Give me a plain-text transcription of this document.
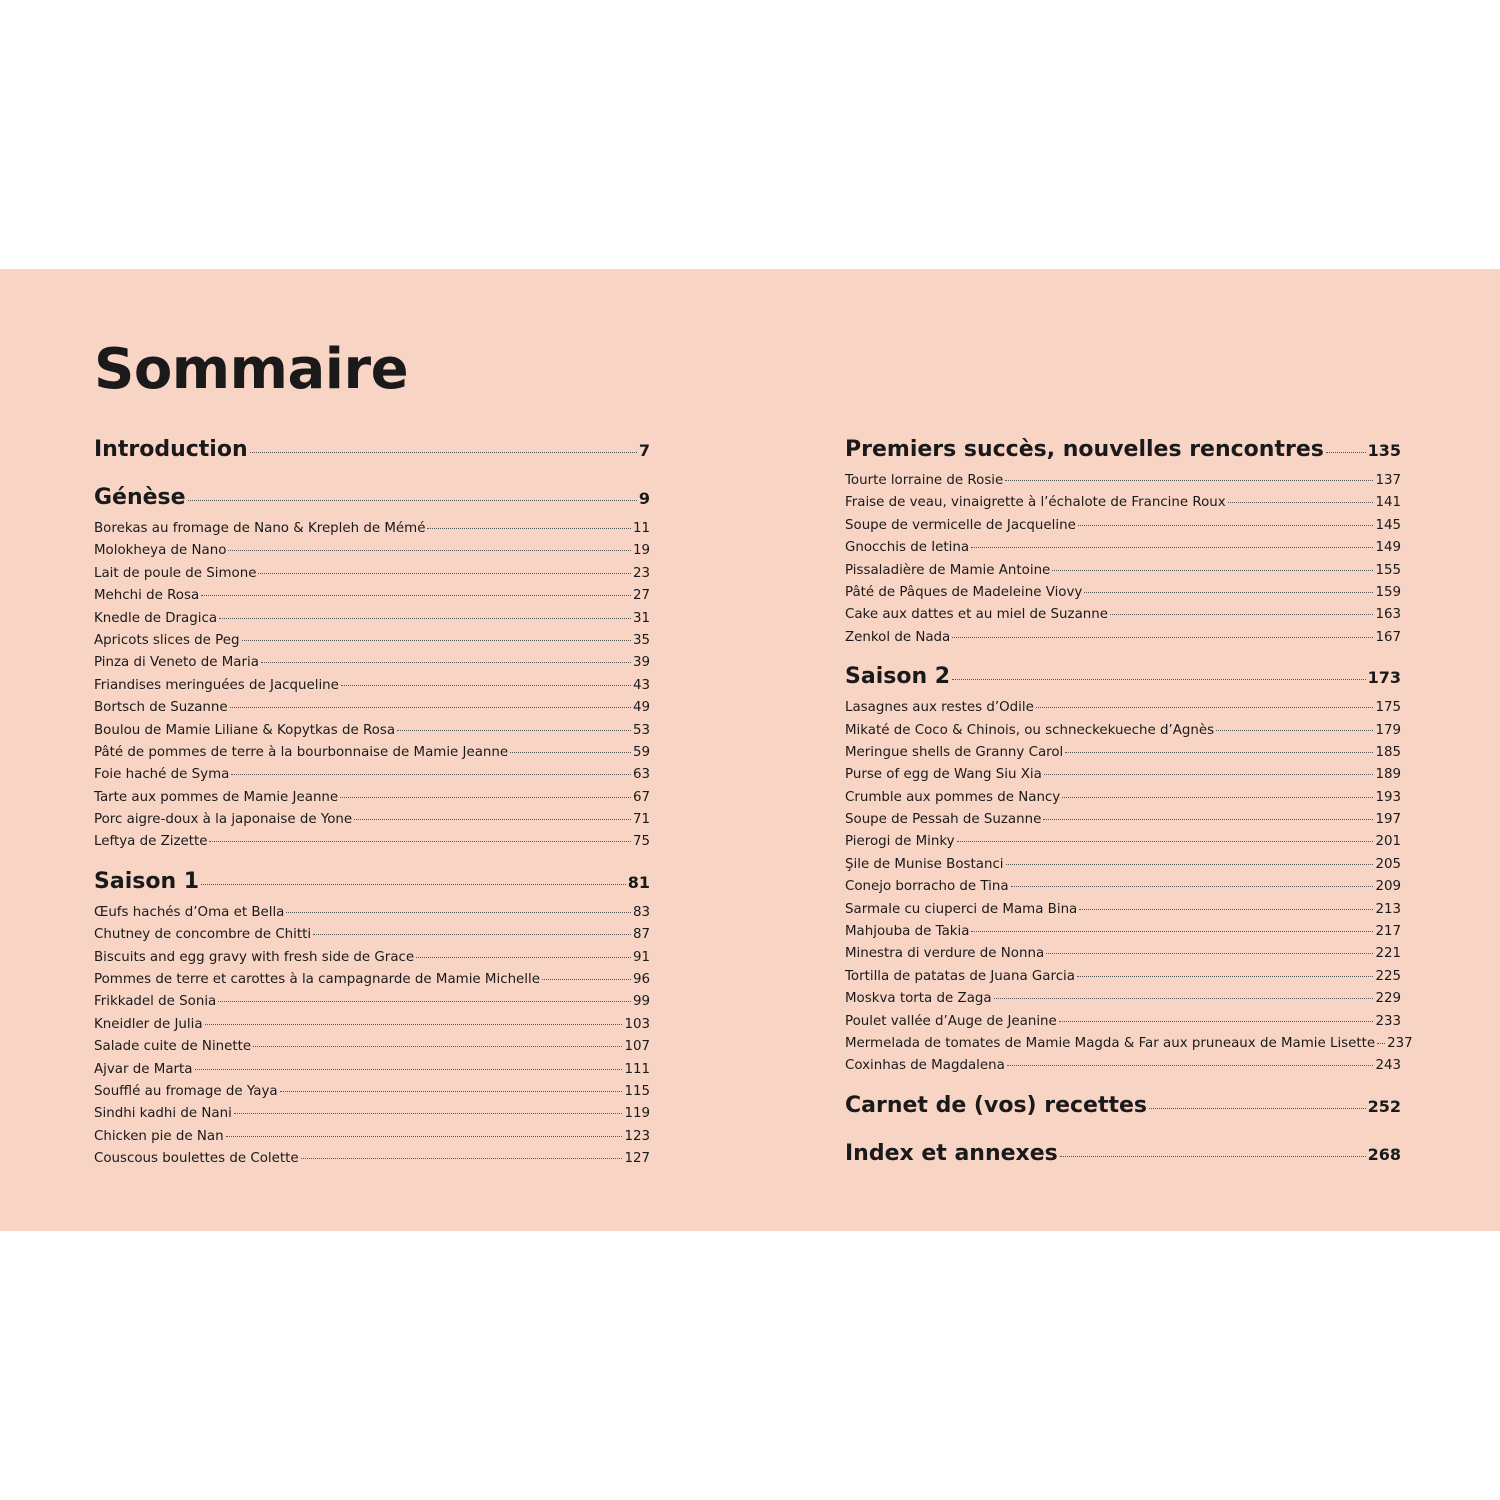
Sommaire
Introduction	7
Génèse	9
Borekas au fromage de Nano & Krepleh de Mémé	11
Molokheya de Nano	19
Lait de poule de Simone	23
Mehchi de Rosa	27
Knedle de Dragica	31
Apricots slices de Peg	35
Pinza di Veneto de Maria	39
Friandises meringuées de Jacqueline	43
Bortsch de Suzanne	49
Boulou de Mamie Liliane & Kopytkas de Rosa	53
Pâté de pommes de terre à la bourbonnaise de Mamie Jeanne	59
Foie haché de Syma	63
Tarte aux pommes de Mamie Jeanne	67
Porc aigre-doux à la japonaise de Yone	71
Leftya de Zizette	75
Saison 1	81
Œufs hachés d’Oma et Bella	83
Chutney de concombre de Chitti	87
Biscuits and egg gravy with fresh side de Grace	91
Pommes de terre et carottes à la campagnarde de Mamie Michelle	96
Frikkadel de Sonia	99
Kneidler de Julia	103
Salade cuite de Ninette	107
Ajvar de Marta	111
Soufflé au fromage de Yaya	115
Sindhi kadhi de Nani	119
Chicken pie de Nan	123
Couscous boulettes de Colette	127
Premiers succès, nouvelles rencontres	135
Tourte lorraine de Rosie	137
Fraise de veau, vinaigrette à l’échalote de Francine Roux	141
Soupe de vermicelle de Jacqueline	145
Gnocchis de Ietina	149
Pissaladière de Mamie Antoine	155
Pâté de Pâques de Madeleine Viovy	159
Cake aux dattes et au miel de Suzanne	163
Zenkol de Nada	167
Saison 2	173
Lasagnes aux restes d’Odile	175
Mikaté de Coco & Chinois, ou schneckekueche d’Agnès	179
Meringue shells de Granny Carol	185
Purse of egg de Wang Siu Xia	189
Crumble aux pommes de Nancy	193
Soupe de Pessah de Suzanne	197
Pierogi de Minky	201
Şile de Munise Bostanci	205
Conejo borracho de Tina	209
Sarmale cu ciuperci de Mama Bina	213
Mahjouba de Takia	217
Minestra di verdure de Nonna	221
Tortilla de patatas de Juana Garcia	225
Moskva torta de Zaga	229
Poulet vallée d’Auge de Jeanine	233
Mermelada de tomates de Mamie Magda & Far aux pruneaux de Mamie Lisette 237
Coxinhas de Magdalena	243
Carnet de (vos) recettes	252
Index et annexes	268
